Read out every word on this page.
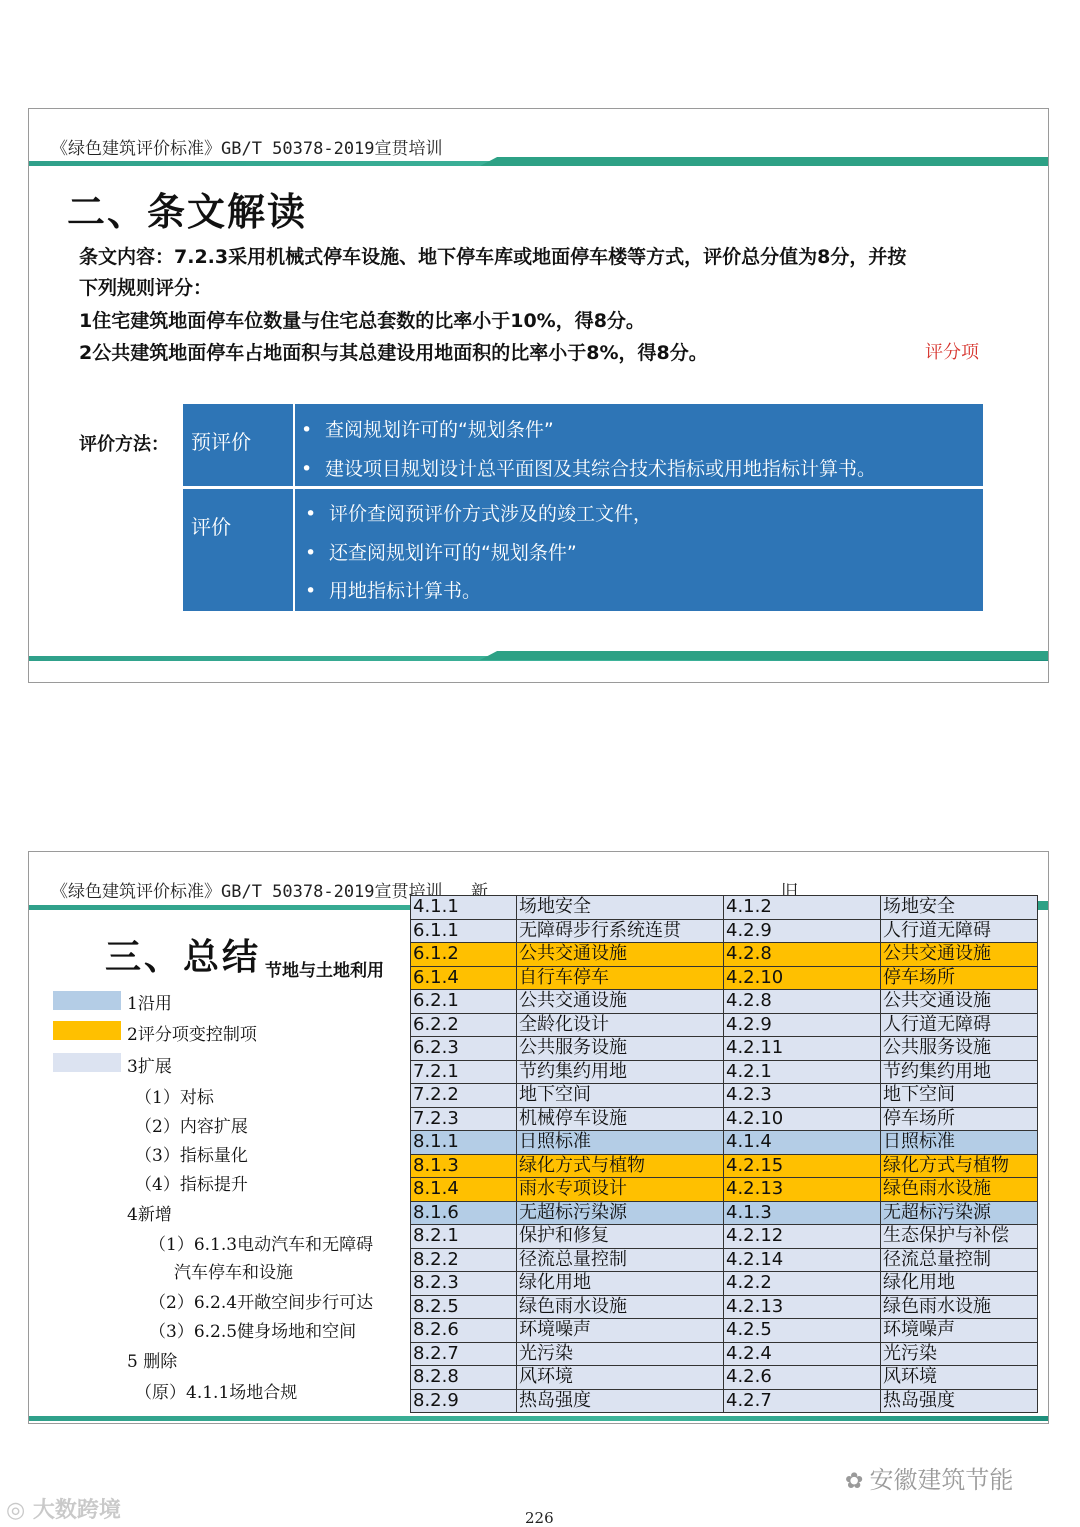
《绿色建筑评价标准》GB/T 50378-2019宣贯培训
二、条文解读
条文内容：7.2.3采用机械式停车设施、地下停车库或地面停车楼等方式，评价总分值为8分，并按
下列规则评分：
1住宅建筑地面停车位数量与住宅总套数的比率小于10%，得8分。
2公共建筑地面停车占地面积与其总建设用地面积的比率小于8%，得8分。	评分项
评价方法：	预评价	• 查阅规划许可的“规划条件”
• 建设项目规划设计总平面图及其综合技术指标或用地指标计算书。
评价
• 评价查阅预评价方式涉及的竣工文件，
• 还查阅规划许可的“规划条件”
• 用地指标计算书。
《绿色建筑评价标准》GB/T 50378-2019宣贯培训 新	旧
三、总结 节地与土地利用
1沿用
2评分项变控制项
3扩展
（1）对标
（2）内容扩展
（3）指标量化
（4）指标提升
4新增
（1）6.1.3电动汽车和无障碍
汽车停车和设施
（2）6.2.4开敞空间步行可达
（3）6.2.5健身场地和空间
5 删除
（原）4.1.1场地合规
4.1.1	场地安全	4.1.2	场地安全
6.1.1	无障碍步行系统连贯	4.2.9	人行道无障碍
6.1.2	公共交通设施	4.2.8	公共交通设施
6.1.4	自行车停车	4.2.10	停车场所
6.2.1	公共交通设施	4.2.8	公共交通设施
6.2.2	全龄化设计	4.2.9	人行道无障碍
6.2.3	公共服务设施	4.2.11	公共服务设施
7.2.1	节约集约用地	4.2.1	节约集约用地
7.2.2	地下空间	4.2.3	地下空间
7.2.3	机械停车设施	4.2.10	停车场所
8.1.1	日照标准	4.1.4	日照标准
8.1.3	绿化方式与植物	4.2.15	绿化方式与植物
8.1.4	雨水专项设计	4.2.13	绿色雨水设施
8.1.6	无超标污染源	4.1.3	无超标污染源
8.2.1	保护和修复	4.2.12	生态保护与补偿
8.2.2	径流总量控制	4.2.14	径流总量控制
8.2.3	绿化用地	4.2.2	绿化用地
8.2.5	绿色雨水设施	4.2.13	绿色雨水设施
8.2.6	环境噪声	4.2.5	环境噪声
8.2.7	光污染	4.2.4	光污染
8.2.8	风环境	4.2.6	风环境
8.2.9	热岛强度	4.2.7	热岛强度
✿ 安徽建筑节能
◎ 大数跨境	226
